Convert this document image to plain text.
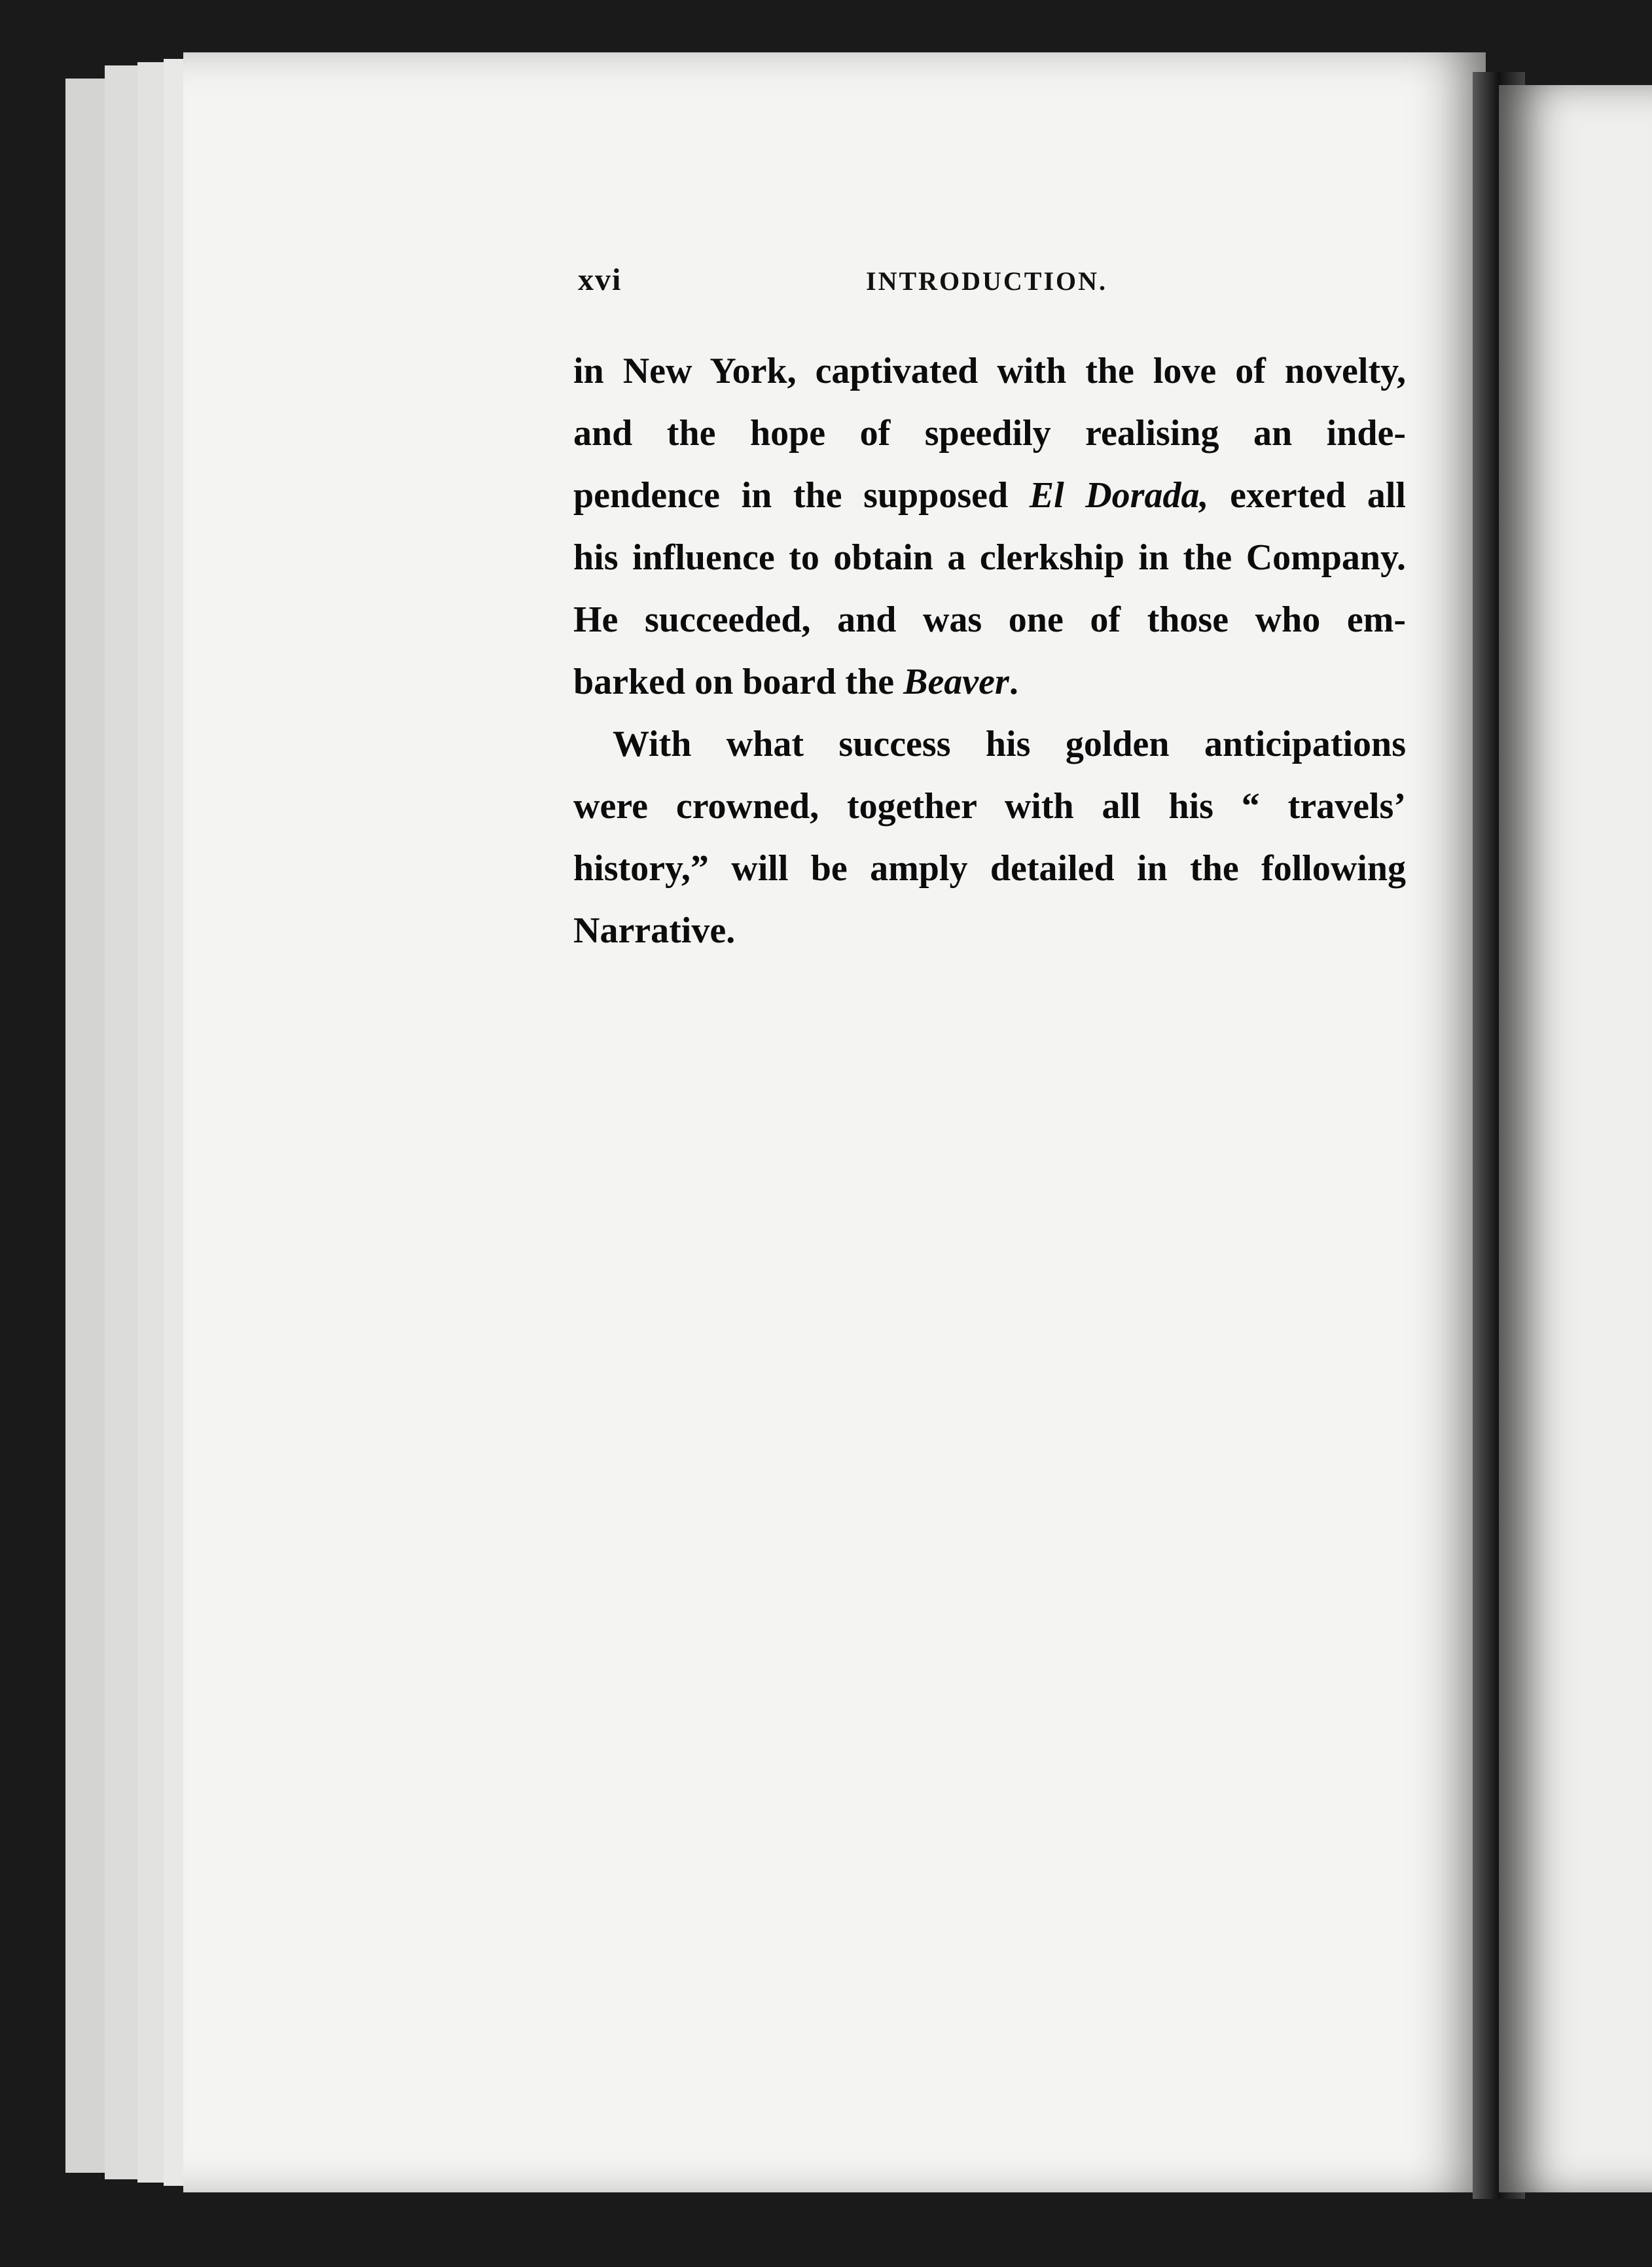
xvi	INTRODUCTION.
in New York, captivated with the love of novelty,
and the hope of speedily realising an inde-
pendence in the supposed El Dorada, exerted all
his influence to obtain a clerkship in the Company.
He succeeded, and was one of those who em-
barked on board the Beaver.
With what success his golden anticipations
were crowned, together with all his “ travels’
history,” will be amply detailed in the following
Narrative.
